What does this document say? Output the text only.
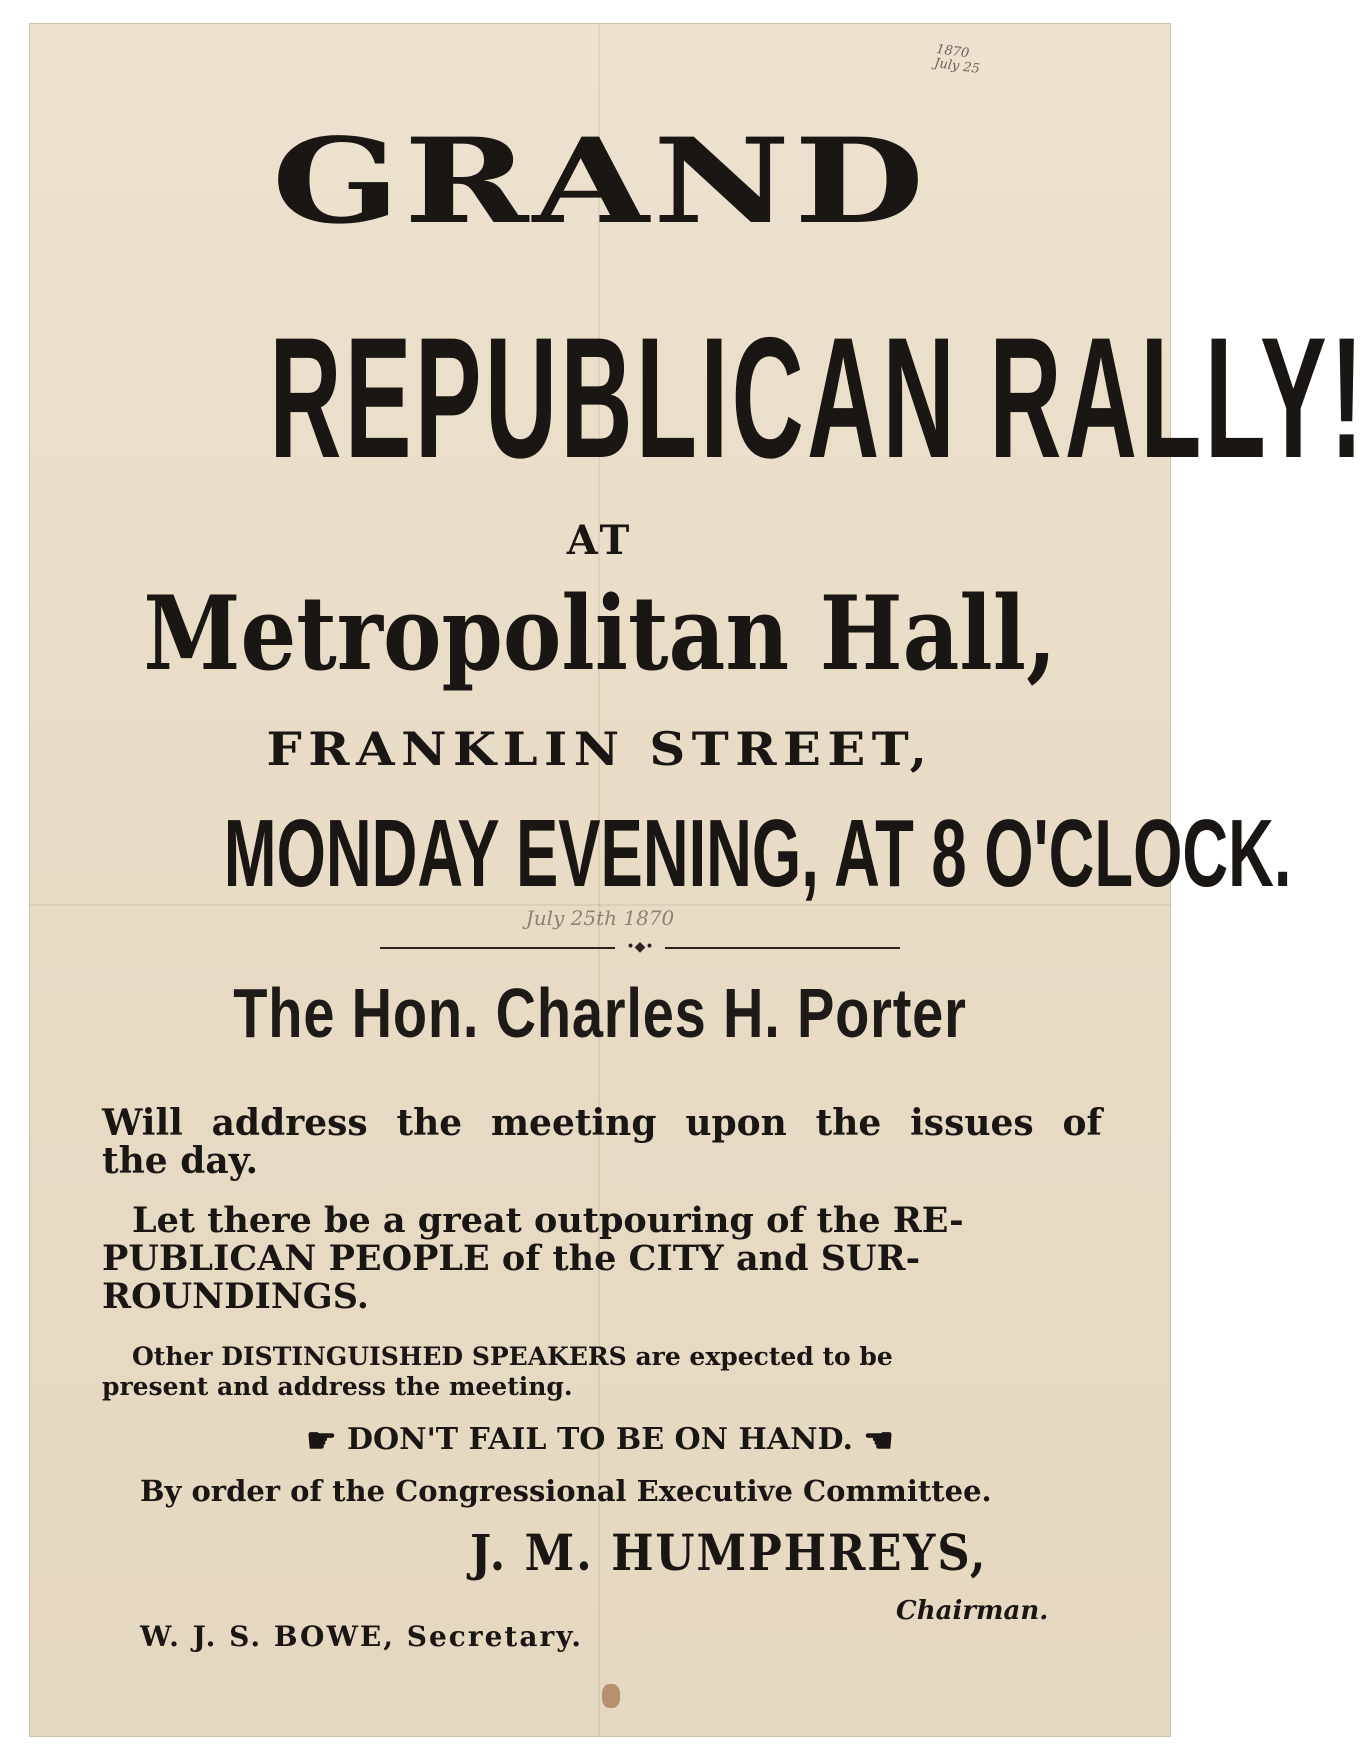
1870
July 25
GRAND
REPUBLICAN RALLY!
AT
Metropolitan Hall,
FRANKLIN STREET,
MONDAY EVENING, AT 8 O'CLOCK.
July 25th 1870
•◆•
The Hon. Charles H. Porter
Will address the meeting upon the issues of
the day.
Let there be a great outpouring of the RE-
PUBLICAN PEOPLE of the CITY and SUR-
ROUNDINGS.
Other DISTINGUISHED SPEAKERS are expected to be
present and address the meeting.
☛ DON'T FAIL TO BE ON HAND. ☚
By order of the Congressional Executive Committee.
J. M. HUMPHREYS,
Chairman.
W. J. S. BOWE, Secretary.
